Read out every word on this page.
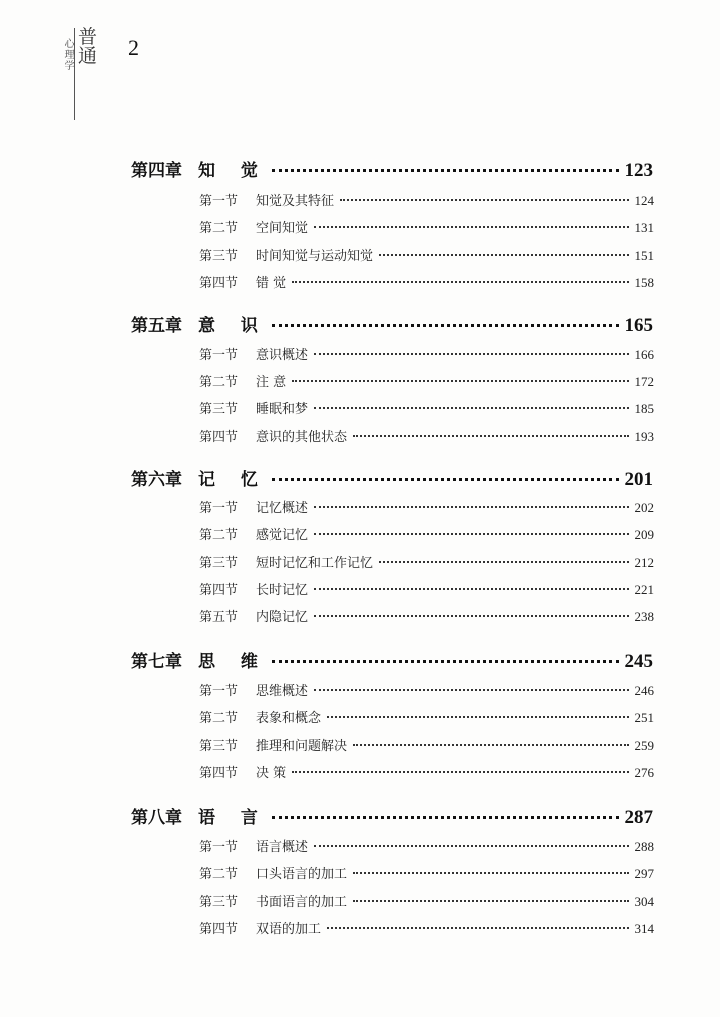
心理学
普通 2
第四章 知 觉	123
第一节 知觉及其特征	124
第二节 空间知觉	131
第三节 时间知觉与运动知觉	151
第四节 错 觉	158
第五章 意 识	165
第一节 意识概述	166
第二节 注 意	172
第三节 睡眠和梦	185
第四节 意识的其他状态	193
第六章 记 忆	201
第一节 记忆概述	202
第二节 感觉记忆	209
第三节 短时记忆和工作记忆	212
第四节 长时记忆	221
第五节 内隐记忆	238
第七章 思 维	245
第一节 思维概述	246
第二节 表象和概念	251
第三节 推理和问题解决	259
第四节 决 策	276
第八章 语 言	287
第一节 语言概述	288
第二节 口头语言的加工	297
第三节 书面语言的加工	304
第四节 双语的加工	314
